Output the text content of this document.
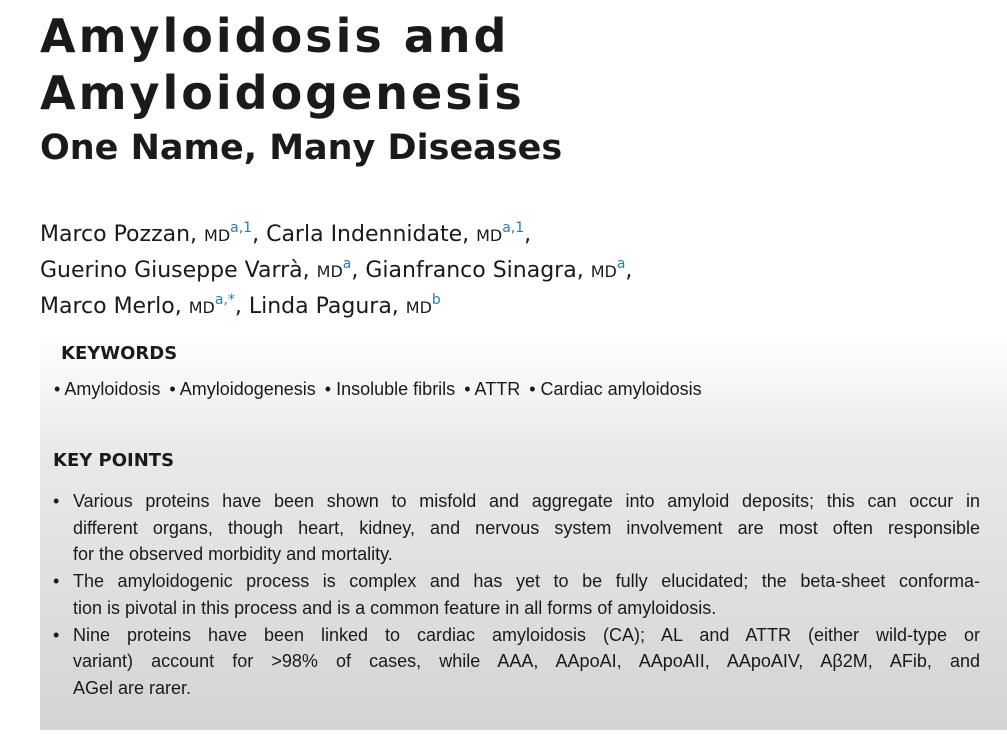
Amyloidosis and
Amyloidogenesis
One Name, Many Diseases
Marco Pozzan, MD$^{a,1}$, Carla Indennidate, MD$^{a,1}$,
Guerino Giuseppe Varrà, MD$^a$, Gianfranco Sinagra, MD$^a$,
Marco Merlo, MD$^{a,*}$, Linda Pagura, MD$^b$
KEYWORDS
• Amyloidosis • Amyloidogenesis • Insoluble fibrils • ATTR • Cardiac amyloidosis
KEY POINTS
• Various proteins have been shown to misfold and aggregate into amyloid deposits; this can occur in
different organs, though heart, kidney, and nervous system involvement are most often responsible
for the observed morbidity and mortality.
• The amyloidogenic process is complex and has yet to be fully elucidated; the beta-sheet conforma-
tion is pivotal in this process and is a common feature in all forms of amyloidosis.
• Nine proteins have been linked to cardiac amyloidosis (CA); AL and ATTR (either wild-type or
variant) account for >98% of cases, while AAA, AApoAI, AApoAII, AApoAIV, Aβ2M, AFib, and
AGel are rarer.
